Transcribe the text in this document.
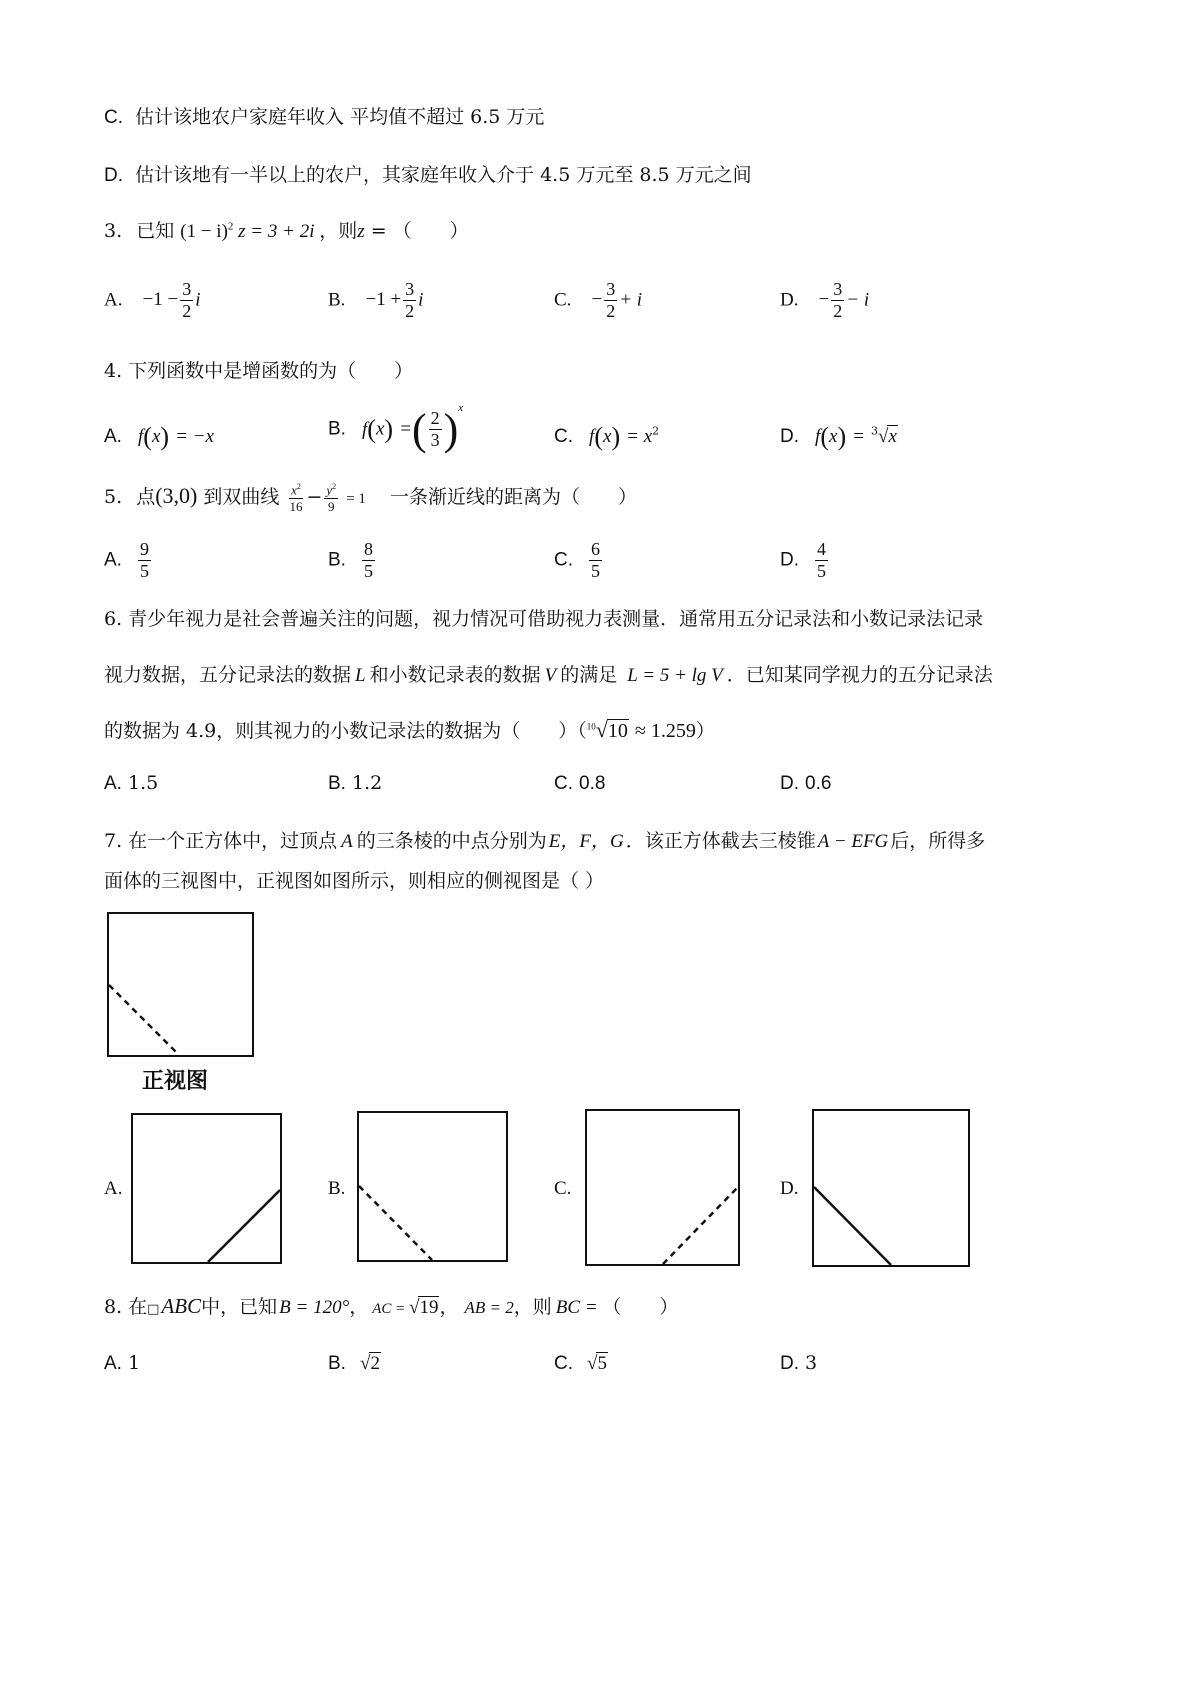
C. 估计该地农户家庭年收入 平均值不超过 6.5 万元
D. 估计该地有一半以上的农户，其家庭年收入介于 4.5 万元至 8.5 万元之间
3. 已知 $(1 - i)^2$ z = 3 + 2i ，则z = （　　）
A. $-1 - \frac{3}{2}$ i	B. $-1 + \frac{3}{2}$ i	C. − $\frac{3}{2} + i$	D. − $\frac{3}{2} - i$
4. 下列函数中是增函数的为（　　）
A. f(x) = −x	B. f(x) =( $\frac{2}{3} )^x$
C. $f(x) = x^2$	D. f(x) = $^3$√x
5. 点(3,0) 到双曲线 $\frac{x^2}{16} - \frac{y^2}{9} = 1$ 一条渐近线的距离为（　　）
A. $\frac{9}{5}$	B. $\frac{8}{5}$	C. $\frac{6}{5}$	D. $\frac{4}{5}$
6. 青少年视力是社会普遍关注的问题，视力情况可借助视力表测量．通常用五分记录法和小数记录法记录
视力数据，五分记录法的数据 L 和小数记录表的数据 V 的满足 L = 5 + lg V ．已知某同学视力的五分记录法
的数据为 4.9，则其视力的小数记录法的数据为（　　）（$^{10}$√10 ≈ 1.259）
A. 1.5	B. 1.2	C. 0.8	D. 0.6
7. 在一个正方体中，过顶点 A 的三条棱的中点分别为 E，F，G ．该正方体截去三棱锥 A − EFG 后，所得多
面体的三视图中，正视图如图所示，则相应的侧视图是（ ）
正视图
A.	B.	C.	D.
8. 在□ABC中，已知 B = 120°， AC = √19， AB = 2，则 BC = （　　）
A. 1	B. √2	C. √5	D. 3
